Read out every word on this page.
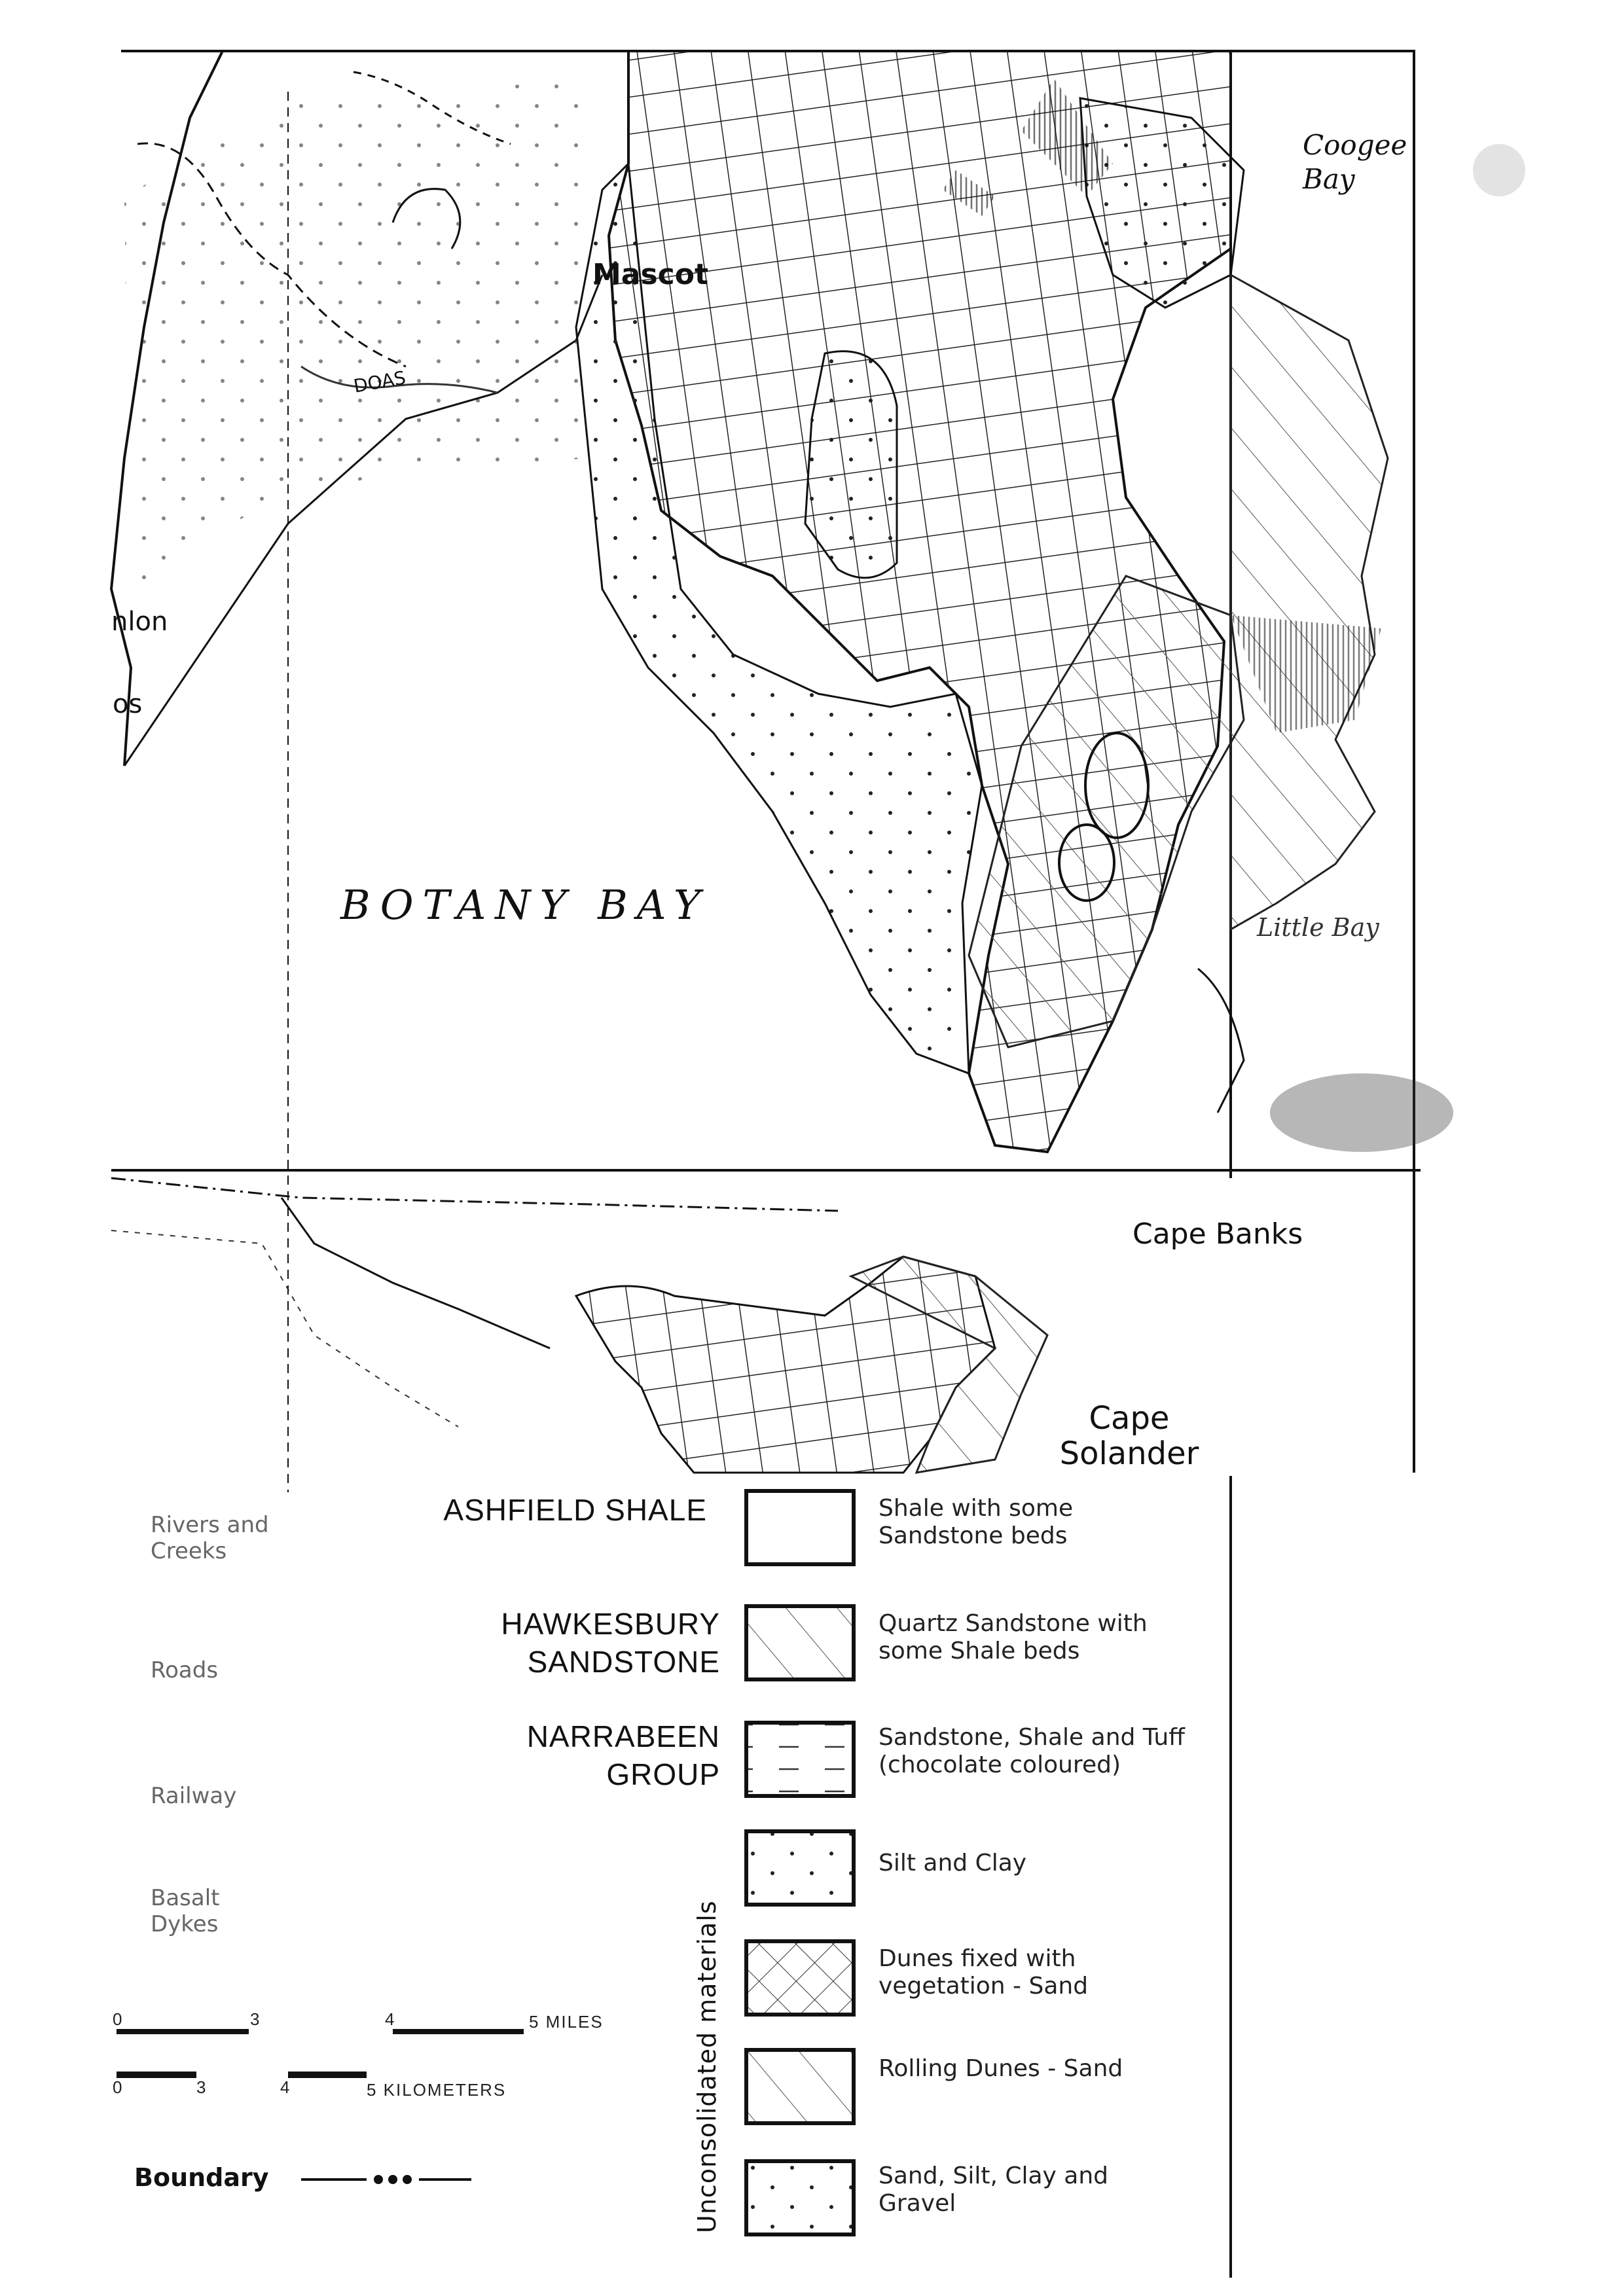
Mascot
Coogee Bay
BOTANY BAY	Little Bay
Cape Banks
Cape Solander
nlon
os
DOAS
Rivers and Creeks
Roads
Railway
Basalt Dykes
Boundary
0	3	4	5 MILES
0	3	4	5 KILOMETERS
ASHFIELD SHALE
HAWKESBURY SANDSTONE
NARRABEEN GROUP
Shale with some Sandstone beds
Quartz Sandstone with some Shale beds
Sandstone, Shale and Tuff (chocolate coloured)
Silt and Clay
Dunes fixed with vegetation - Sand
Rolling Dunes - Sand
Sand, Silt, Clay and Gravel
Unconsolidated materials
